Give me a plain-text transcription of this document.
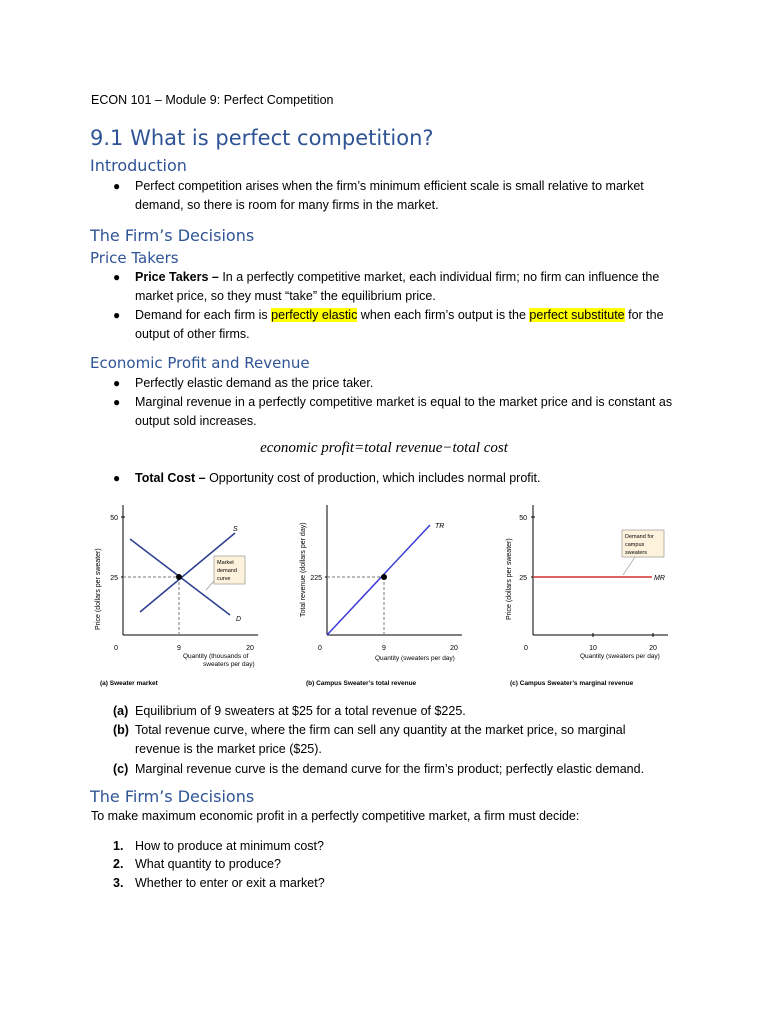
ECON 101 – Module 9: Perfect Competition
9.1 What is perfect competition?
Introduction
●	Perfect competition arises when the firm’s minimum efficient scale is small relative to market demand, so there is room for many firms in the market.
The Firm’s Decisions
Price Takers
●	Price Takers – In a perfectly competitive market, each individual firm; no firm can influence the market price, so they must “take” the equilibrium price.
●	Demand for each firm is perfectly elastic when each firm’s output is the perfect substitute for the output of other firms.
Economic Profit and Revenue
●	Perfectly elastic demand as the price taker.
●	Marginal revenue in a perfectly competitive market is equal to the market price and is constant as output sold increases.
economic profit=total revenue−total cost
●	Total Cost – Opportunity cost of production, which includes normal profit.
Price (dollars per sweater)
50
25
0	9	20
S
D
Market
demand
curve
Quantity (thousands of
sweaters per day)
(a) Sweater market
Total revenue (dollars per day) 225
0	9	20
TR
Quantity (sweaters per day)
(b) Campus Sweater’s total revenue
Price (dollars per sweater)
50
25
0	10	20
MR
Demand for
campus
sweaters
Quantity (sweaters per day)
(c) Campus Sweater’s marginal revenue
(a) Equilibrium of 9 sweaters at $25 for a total revenue of $225.
(b) Total revenue curve, where the firm can sell any quantity at the market price, so marginal revenue is the market price ($25).
(c) Marginal revenue curve is the demand curve for the firm’s product; perfectly elastic demand.
The Firm’s Decisions
To make maximum economic profit in a perfectly competitive market, a firm must decide:
1. How to produce at minimum cost?
2. What quantity to produce?
3. Whether to enter or exit a market?
